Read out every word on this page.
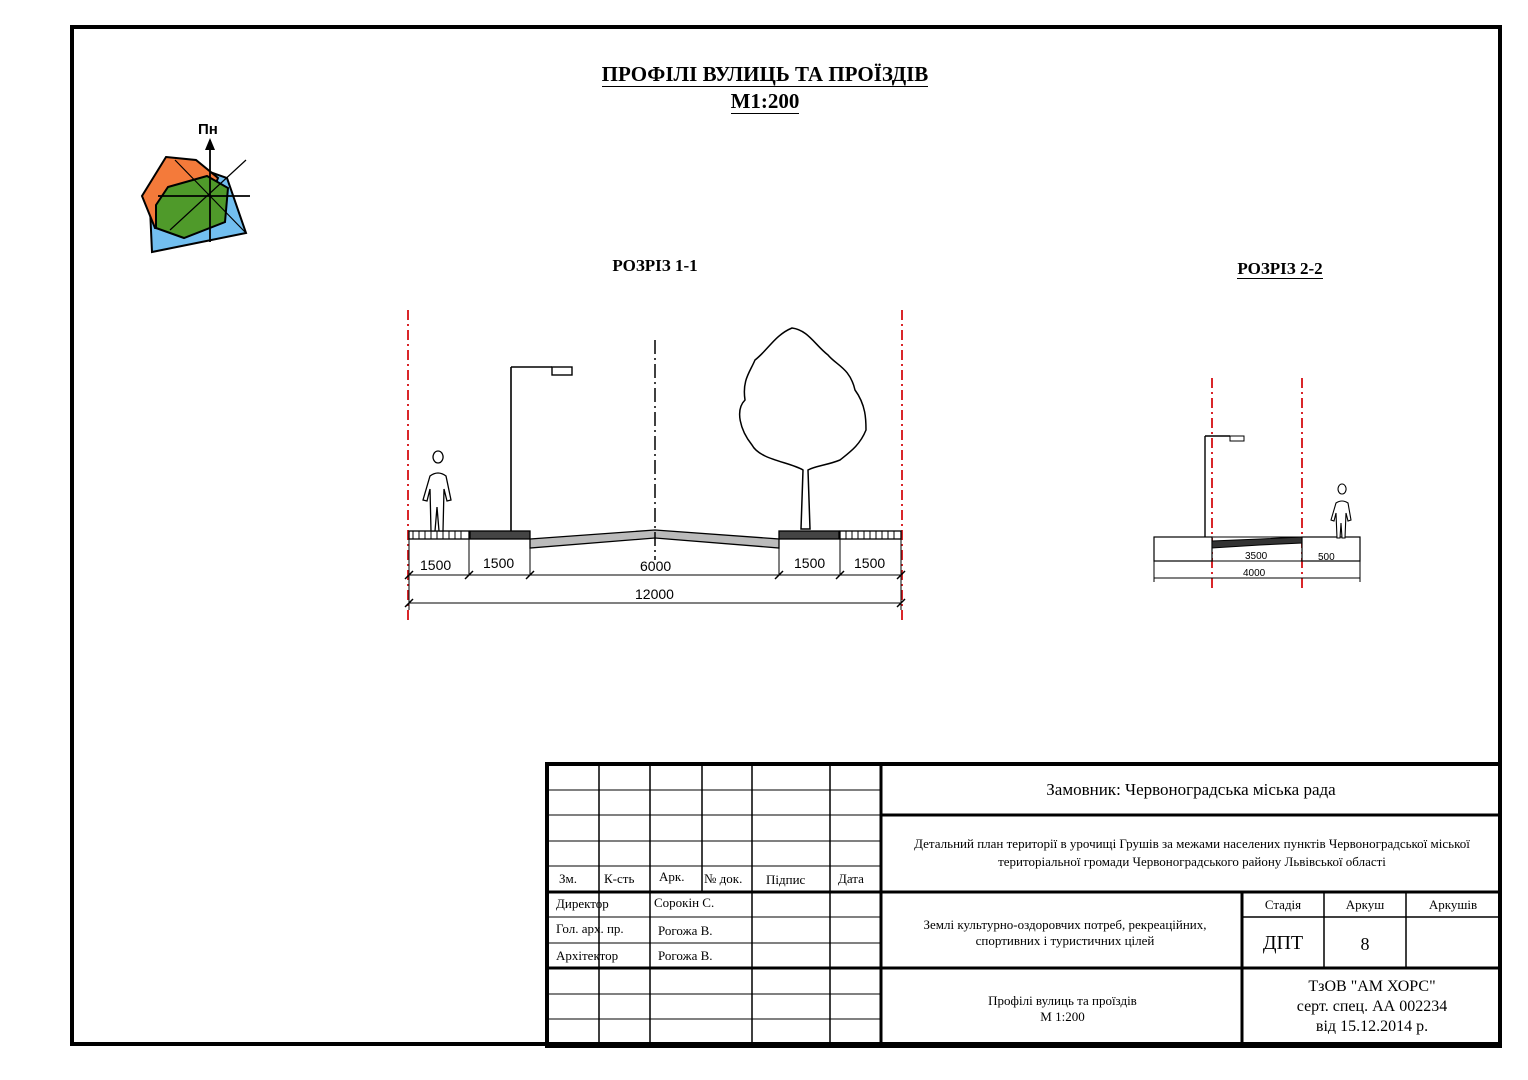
ПРОФІЛІ ВУЛИЦЬ ТА ПРОЇЗДІВ
М1:200
РОЗРІЗ 1-1	РОЗРІЗ 2-2
Пн
1500 1500	6000	1500 1500
12000
3500	500
4000
Зм. К-сть Арк. № док. Підпис	Дата
Директор	Сорокін С.
Гол. арх. пр.	Рогожа В.
Архітектор	Рогожа В.
Замовник: Червоноградська міська рада
Детальний план території в урочищі Грушів за межами населених пунктів Червоноградської міської територіальної громади Червоноградського району Львівської області
Землі культурно-оздоровчих потреб, рекреаційних, спортивних і туристичних цілей
Стадія	Аркуш	Аркушів
ДПТ	8
Профілі вулиць та проїздів
М 1:200
ТзОВ "АМ ХОРС"
серт. спец. АА 002234
від 15.12.2014 р.
